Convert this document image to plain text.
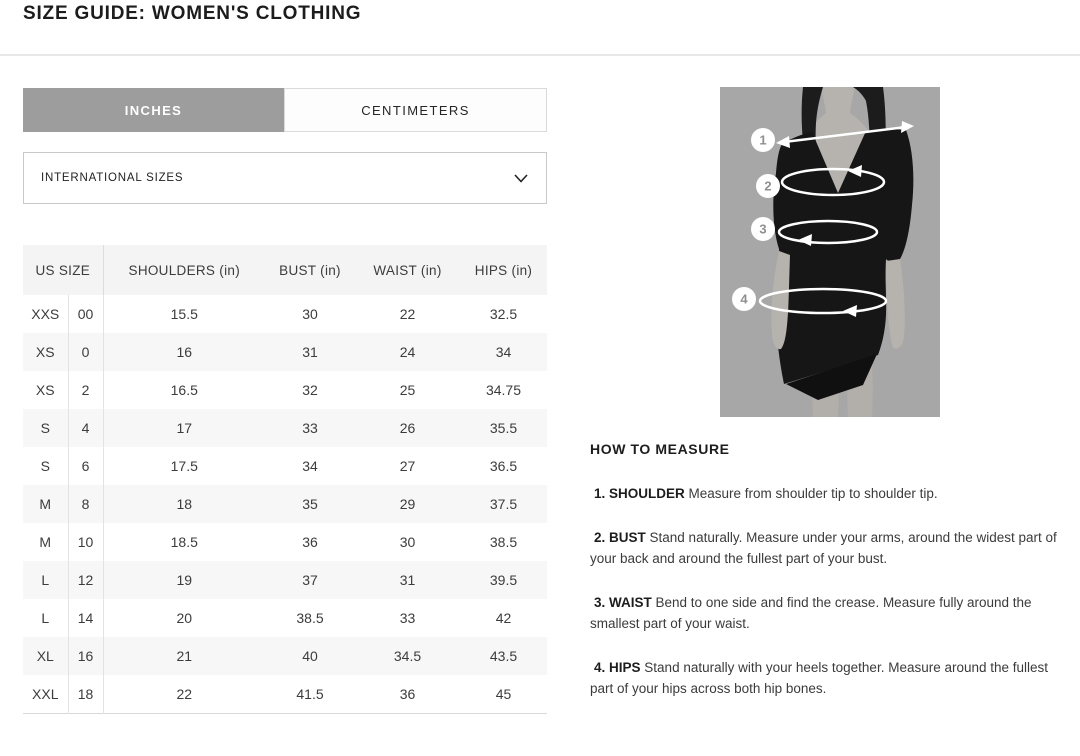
SIZE GUIDE: WOMEN'S CLOTHING
INCHES	CENTIMETERS
INTERNATIONAL SIZES
US SIZE		SHOULDERS (in)	BUST (in)	WAIST (in)	HIPS (in)
XXS	00	15.5	30	22	32.5
XS	0	16	31	24	34
XS	2	16.5	32	25	34.75
S	4	17	33	26	35.5
S	6	17.5	34	27	36.5
M	8	18	35	29	37.5
M	10	18.5	36	30	38.5
L	12	19	37	31	39.5
L	14	20	38.5	33	42
XL	16	21	40	34.5	43.5
XXL	18	22	41.5	36	45
1
2
3
4
HOW TO MEASURE
1. SHOULDER Measure from shoulder tip to shoulder tip.
2. BUST Stand naturally. Measure under your arms, around the widest part of your back and around the fullest part of your bust.
3. WAIST Bend to one side and find the crease. Measure fully around the smallest part of your waist.
4. HIPS Stand naturally with your heels together. Measure around the fullest part of your hips across both hip bones.
